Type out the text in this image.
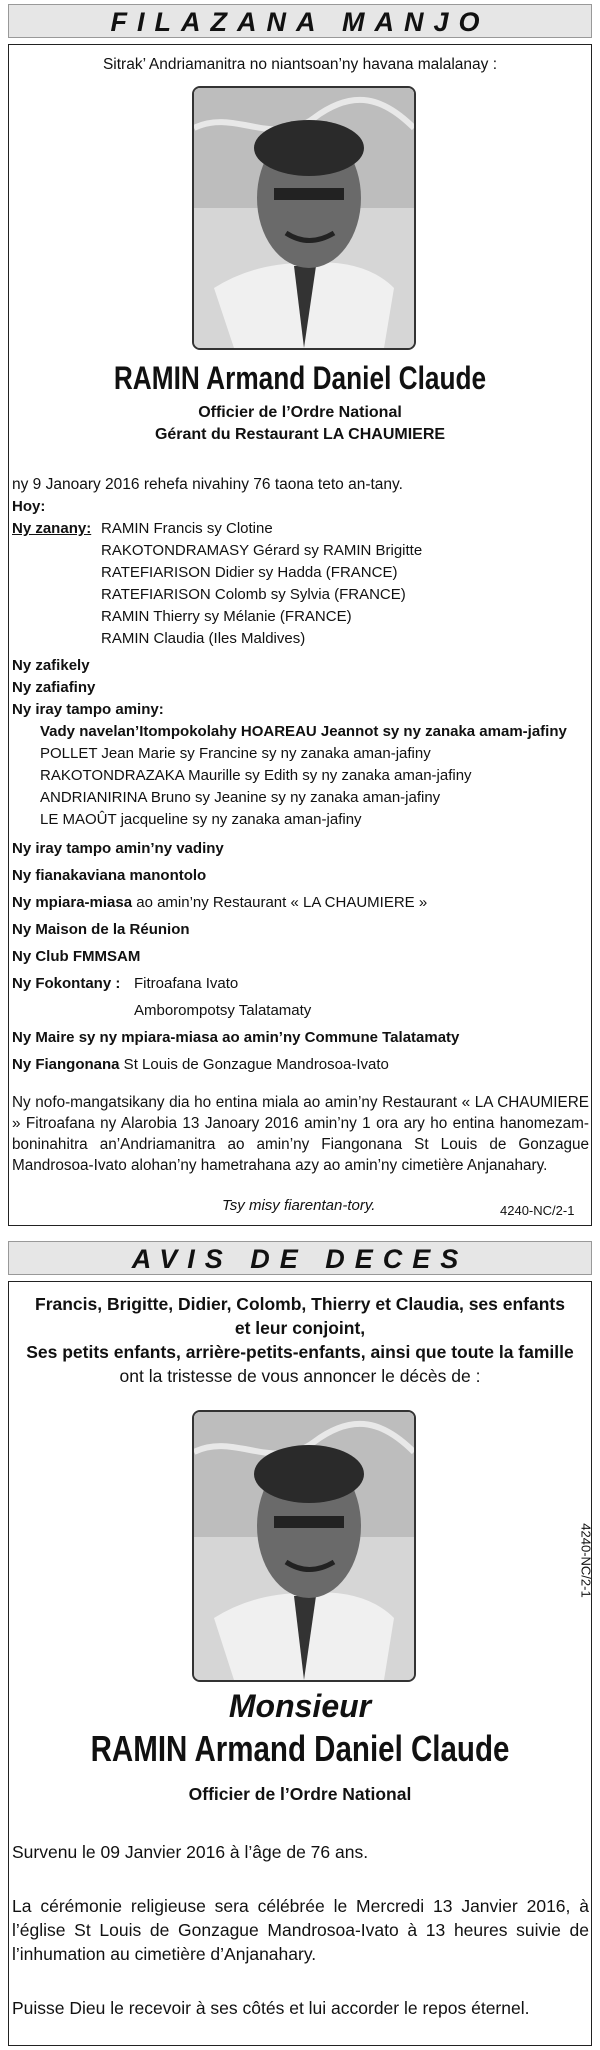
FILAZANA MANJO
Sitrak’ Andriamanitra no niantsoan’ny havana malalanay :
RAMIN Armand Daniel Claude
Officier de l’Ordre National
Gérant du Restaurant LA CHAUMIERE
ny 9 Janoary 2016 rehefa nivahiny 76 taona teto an-tany.
Hoy:
Ny zanany: RAMIN Francis sy Clotine
RAKOTONDRAMASY Gérard sy RAMIN Brigitte
RATEFIARISON Didier sy Hadda (FRANCE)
RATEFIARISON Colomb sy Sylvia (FRANCE)
RAMIN Thierry sy Mélanie (FRANCE)
RAMIN Claudia (Iles Maldives)
Ny zafikely
Ny zafiafiny
Ny iray tampo aminy:
Vady navelan’Itompokolahy HOAREAU Jeannot sy ny zanaka amam-jafiny
POLLET Jean Marie sy Francine sy ny zanaka aman-jafiny
RAKOTONDRAZAKA Maurille sy Edith sy ny zanaka aman-jafiny
ANDRIANIRINA Bruno sy Jeanine sy ny zanaka aman-jafiny
LE MAOÛT jacqueline sy ny zanaka aman-jafiny
Ny iray tampo amin’ny vadiny
Ny fianakaviana manontolo
Ny mpiara-miasa ao amin’ny Restaurant « LA CHAUMIERE »
Ny Maison de la Réunion
Ny Club FMMSAM
Ny Fokontany : Fitroafana Ivato
Amborompotsy Talatamaty
Ny Maire sy ny mpiara-miasa ao amin’ny Commune Talatamaty
Ny Fiangonana St Louis de Gonzague Mandrosoa-Ivato
Ny nofo-mangatsikany dia ho entina miala ao amin’ny Restaurant « LA CHAUMIERE » Fitroafana ny Alarobia 13 Janoary 2016 amin’ny 1 ora ary ho entina hanomezam-boninahitra an’Andriamanitra ao amin’ny Fiangonana St Louis de Gonzague Mandrosoa-Ivato alohan’ny hametrahana azy ao amin’ny cimetière Anjanahary.
Tsy misy fiarentan-tory.	4240-NC/2-1
AVIS DE DECES
Francis, Brigitte, Didier, Colomb, Thierry et Claudia, ses enfants
et leur conjoint,
Ses petits enfants, arrière-petits-enfants, ainsi que toute la famille
ont la tristesse de vous annoncer le décès de :
4240-NC/2-1
Monsieur
RAMIN Armand Daniel Claude
Officier de l’Ordre National
Survenu le 09 Janvier 2016 à l’âge de 76 ans.
La cérémonie religieuse sera célébrée le Mercredi 13 Janvier 2016, à l’église St Louis de Gonzague Mandrosoa-Ivato à 13 heures suivie de l’inhumation au cimetière d’Anjanahary.
Puisse Dieu le recevoir à ses côtés et lui accorder le repos éternel.
